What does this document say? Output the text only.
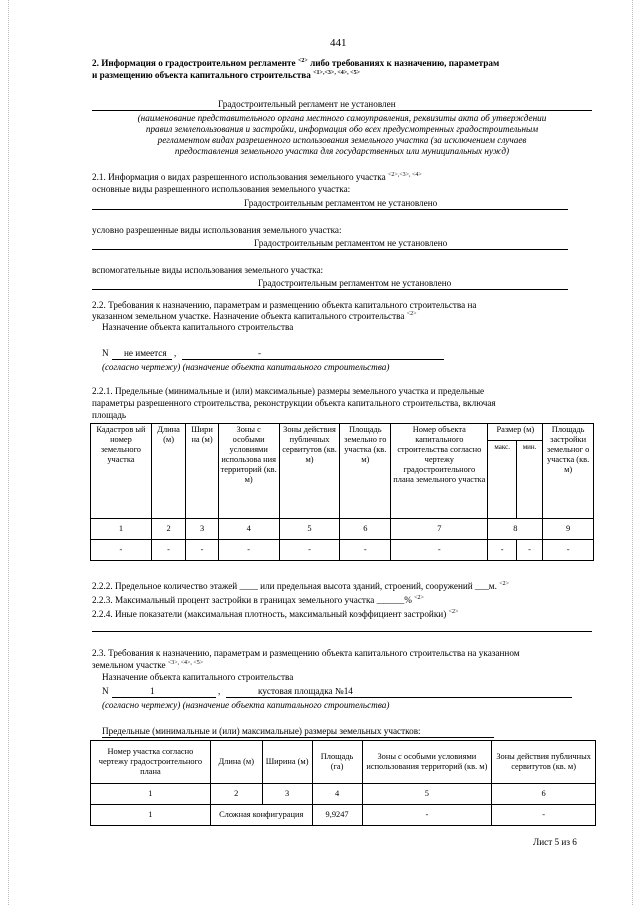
441
2. Информация о градостроительном регламенте $^{<2>}$ либо требованиях к назначению, параметрам
и размещению объекта капитального строительства $^{<1>,<3>, <4>, <5>}$
Градостроительный регламент не установлен
(наименование представительного органа местного самоуправления, реквизиты акта об утверждении
правил землепользования и застройки, информация обо всех предусмотренных градостроительным
регламентом видах разрешенного использования земельного участка (за исключением случаев
предоставления земельного участка для государственных или муниципальных нужд)
2.1. Информация о видах разрешенного использования земельного участка $^{<2>,<3>, <4>}$
основные виды разрешенного использования земельного участка:
Градостроительным регламентом не установлено
условно разрешенные виды использования земельного участка:
Градостроительным регламентом не установлено
вспомогательные виды использования земельного участка:
Градостроительным регламентом не установлено
2.2. Требования к назначению, параметрам и размещению объекта капитального строительства на
указанном земельном участке. Назначение объекта капитального строительства $^{<2>}$
Назначение объекта капитального строительства
N не имеется ,	-
(согласно чертежу) (назначение объекта капитального строительства)
2.2.1. Предельные (минимальные и (или) максимальные) размеры земельного участка и предельные
параметры разрешенного строительства, реконструкции объекта капитального строительства, включая
площадь
Кадастров ый номер земельного участка	Длина (м)	Шири на (м)	Зоны с особыми условиями использова ния территорий (кв. м)	Зоны действия публичных сервитутов (кв. м)	Площадь земельно го участка (кв. м)	Номер объекта капитального строительства согласно чертежу градостроительного плана земельного участка	Размер (м)		Площадь застройки земельног о участка (кв. м)
							макс.	мин.	
1	2	3	4	5	6	7	8		9
-	-	-	-	-	-	-	-	-	-
2.2.2. Предельное количество этажей ____ или предельная высота зданий, строений, сооружений ___м. $^{<2>}$
2.2.3. Максимальный процент застройки в границах земельного участка ______% $^{<2>}$
2.2.4. Иные показатели (максимальная плотность, максимальный коэффициент застройки) $^{<2>}$
2.3. Требования к назначению, параметрам и размещению объекта капитального строительства на указанном
земельном участке $^{<3>, <4>, <5>}$
Назначение объекта капитального строительства
N	1	,	кустовая площадка №14
(согласно чертежу) (назначение объекта капитального строительства)
Предельные (минимальные и (или) максимальные) размеры земельных участков:
Номер участка согласно чертежу градостроительного плана	Длина (м)	Ширина (м)	Площадь (га)	Зоны с особыми условиями использования территорий (кв. м)	Зоны действия публичных сервитутов (кв. м)
1	2	3	4	5	6
1	Сложная конфигурация		9,9247	-	-
Лист 5 из 6
